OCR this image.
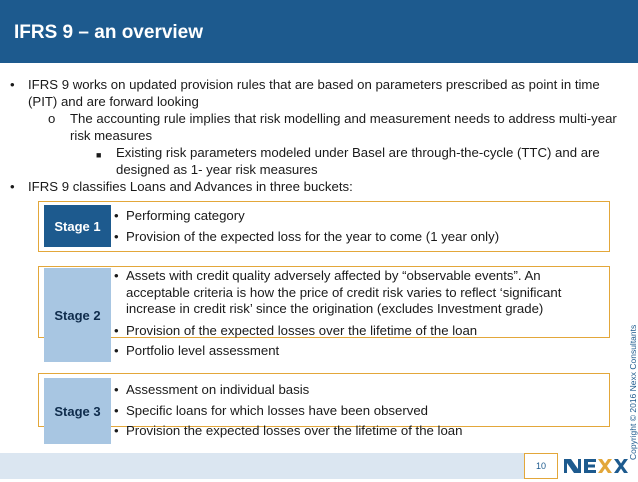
IFRS 9 – an overview
• IFRS 9 works on updated provision rules that are based on parameters prescribed as point in time (PIT) and are forward looking
o The accounting rule implies that risk modelling and measurement needs to address multi-year risk measures
■ Existing risk parameters modeled under Basel are through-the-cycle (TTC) and are designed as 1- year risk measures
• IFRS 9 classifies Loans and Advances in three buckets:
Stage 1
• Performing category
• Provision of the expected loss for the year to come (1 year only)
Stage 2
• Assets with credit quality adversely affected by “observable events”. An acceptable criteria is how the price of credit risk varies to reflect ‘significant increase in credit risk’ since the origination (excludes Investment grade)
• Provision of the expected losses over the lifetime of the loan
• Portfolio level assessment
Stage 3
• Assessment on individual basis
• Specific loans for which losses have been observed
• Provision the expected losses over the lifetime of the loan	Copyright © 2016 Nexx Consultants
10
